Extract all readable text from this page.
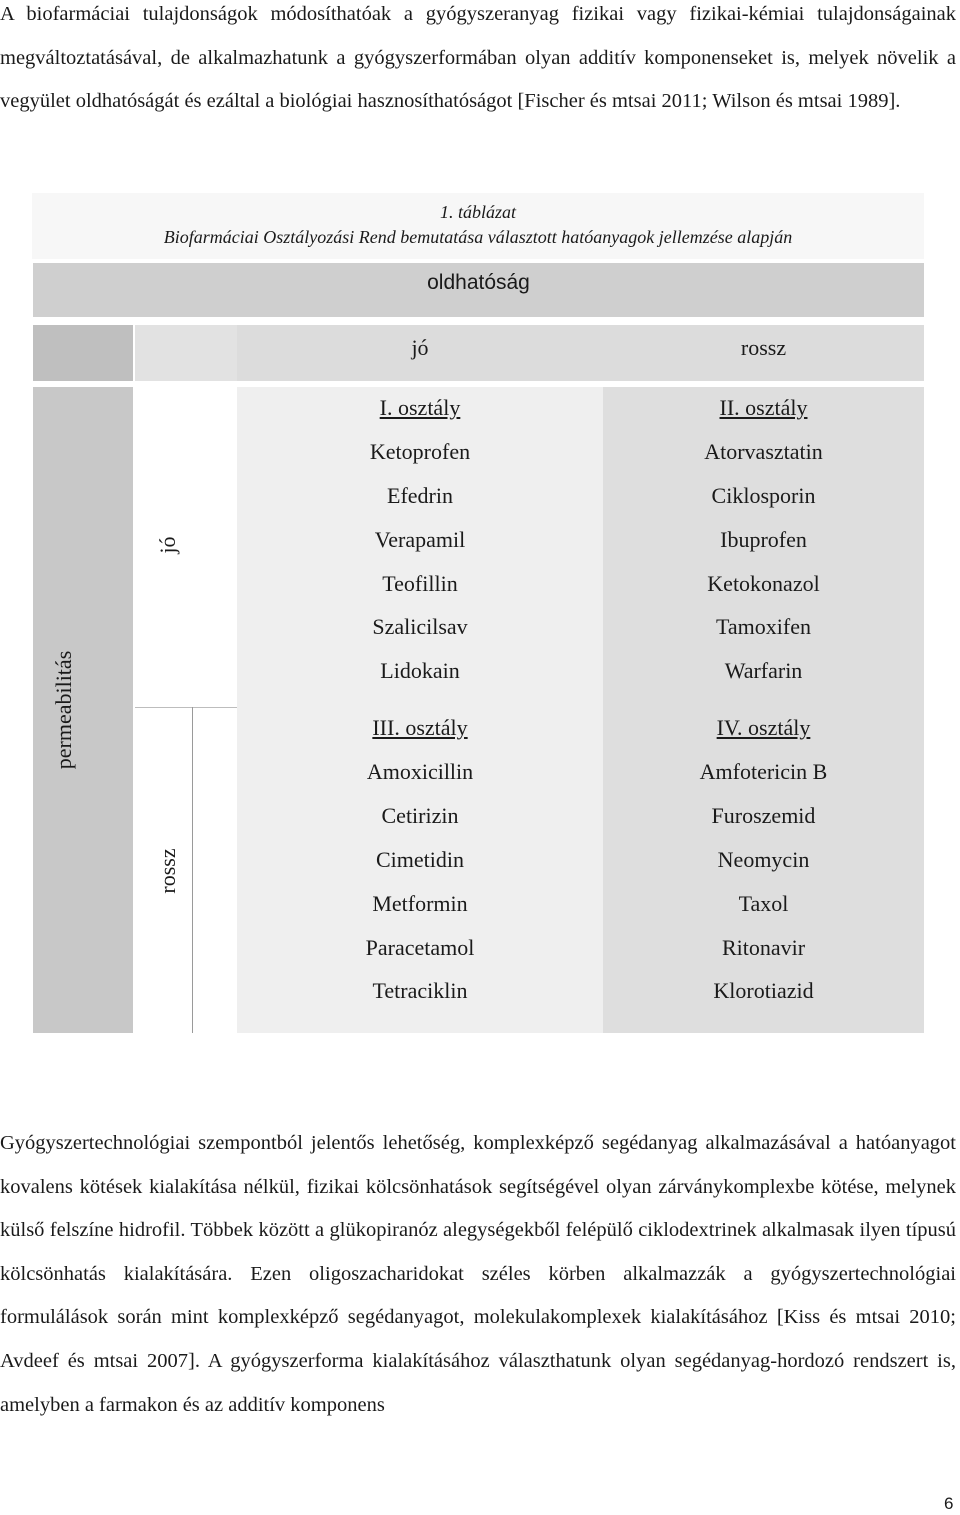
A biofarmáciai tulajdonságok módosíthatóak a gyógyszeranyag fizikai vagy fizikai-kémiai tulajdonságainak megváltoztatásával, de alkalmazhatunk a gyógyszerformában olyan additív komponenseket is, melyek növelik a vegyület oldhatóságát és ezáltal a biológiai hasznosíthatóságot [Fischer és mtsai 2011; Wilson és mtsai 1989].

1. táblázat
Biofarmáciai Osztályozási Rend bemutatása választott hatóanyagok jellemzése alapján
oldhatóság
jó	rossz
permeabilitás
jó
rossz
I. osztály
Ketoprofen
Efedrin
Verapamil
Teofillin
Szalicilsav
Lidokain
II. osztály
Atorvasztatin
Ciklosporin
Ibuprofen
Ketokonazol
Tamoxifen
Warfarin
III. osztály
Amoxicillin
Cetirizin
Cimetidin
Metformin
Paracetamol
Tetraciklin
IV. osztály
Amfotericin B
Furoszemid
Neomycin
Taxol
Ritonavir
Klorotiazid

Gyógyszertechnológiai szempontból jelentős lehetőség, komplexképző segédanyag alkalmazásával a hatóanyagot kovalens kötések kialakítása nélkül, fizikai kölcsönhatások segítségével olyan zárványkomplexbe kötése, melynek külső felszíne hidrofil. Többek között a glükopiranóz alegységekből felépülő ciklodextrinek alkalmasak ilyen típusú kölcsönhatás kialakítására. Ezen oligoszacharidokat széles körben alkalmazzák a gyógyszertechnológiai formulálások során mint komplexképző segédanyagot, molekulakomplexek kialakításához [Kiss és mtsai 2010; Avdeef és mtsai 2007]. A gyógyszerforma kialakításához választhatunk olyan segédanyag-hordozó rendszert is, amelyben a farmakon és az additív komponens

6
